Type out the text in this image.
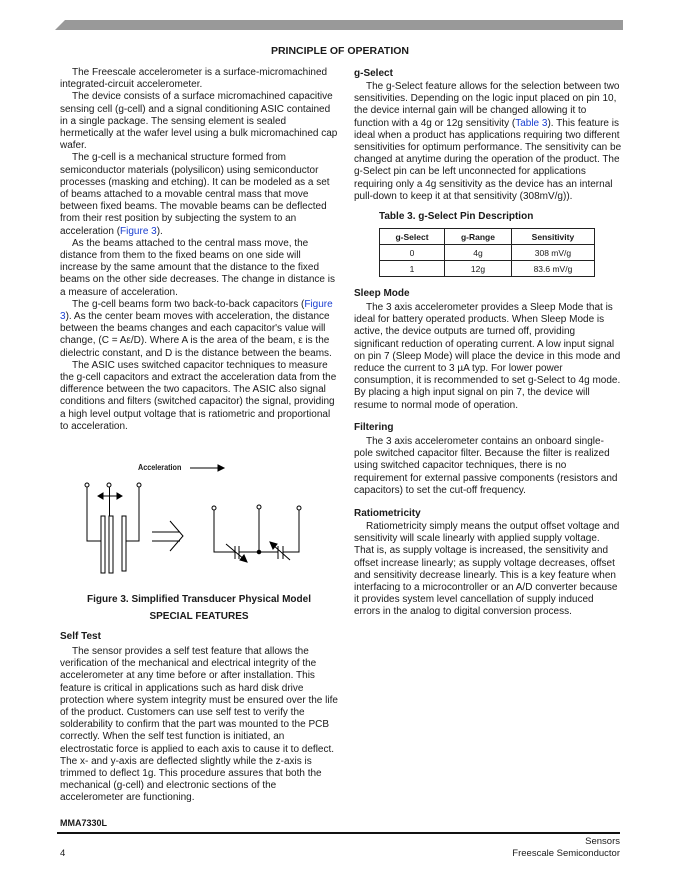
PRINCIPLE OF OPERATION

The Freescale accelerometer is a surface-micromachined integrated-circuit accelerometer.

The device consists of a surface micromachined capacitive sensing cell (g-cell) and a signal conditioning ASIC contained in a single package. The sensing element is sealed hermetically at the wafer level using a bulk micromachined cap wafer.

The g-cell is a mechanical structure formed from semiconductor materials (polysilicon) using semiconductor processes (masking and etching). It can be modeled as a set of beams attached to a movable central mass that move between fixed beams. The movable beams can be deflected from their rest position by subjecting the system to an acceleration (Figure 3).

As the beams attached to the central mass move, the distance from them to the fixed beams on one side will increase by the same amount that the distance to the fixed beams on the other side decreases. The change in distance is a measure of acceleration.

The g-cell beams form two back-to-back capacitors (Figure 3). As the center beam moves with acceleration, the distance between the beams changes and each capacitor's value will change, (C = Aε/D). Where A is the area of the beam, ε is the dielectric constant, and D is the distance between the beams.

The ASIC uses switched capacitor techniques to measure the g-cell capacitors and extract the acceleration data from the difference between the two capacitors. The ASIC also signal conditions and filters (switched capacitor) the signal, providing a high level output voltage that is ratiometric and proportional to acceleration.

Acceleration
Figure 3. Simplified Transducer Physical Model
SPECIAL FEATURES
Self Test

The sensor provides a self test feature that allows the verification of the mechanical and electrical integrity of the accelerometer at any time before or after installation. This feature is critical in applications such as hard disk drive protection where system integrity must be ensured over the life of the product. Customers can use self test to verify the solderability to confirm that the part was mounted to the PCB correctly. When the self test function is initiated, an electrostatic force is applied to each axis to cause it to deflect. The x- and y-axis are deflected slightly while the z-axis is trimmed to deflect 1g. This procedure assures that both the mechanical (g-cell) and electronic sections of the accelerometer are functioning.

g-Select

The g-Select feature allows for the selection between two sensitivities. Depending on the logic input placed on pin 10, the device internal gain will be changed allowing it to function with a 4g or 12g sensitivity (Table 3). This feature is ideal when a product has applications requiring two different sensitivities for optimum performance. The sensitivity can be changed at anytime during the operation of the product. The g-Select pin can be left unconnected for applications requiring only a 4g sensitivity as the device has an internal pull-down to keep it at that sensitivity (308mV/g)).

Table 3. g-Select Pin Description
g-Select	g-Range	Sensitivity
0	4g	308 mV/g
1	12g	83.6 mV/g
Sleep Mode

The 3 axis accelerometer provides a Sleep Mode that is ideal for battery operated products. When Sleep Mode is active, the device outputs are turned off, providing significant reduction of operating current. A low input signal on pin 7 (Sleep Mode) will place the device in this mode and reduce the current to 3 µA typ. For lower power consumption, it is recommended to set g-Select to 4g mode. By placing a high input signal on pin 7, the device will resume to normal mode of operation.

Filtering

The 3 axis accelerometer contains an onboard single-pole switched capacitor filter. Because the filter is realized using switched capacitor techniques, there is no requirement for external passive components (resistors and capacitors) to set the cut-off frequency.

Ratiometricity

Ratiometricity simply means the output offset voltage and sensitivity will scale linearly with applied supply voltage. That is, as supply voltage is increased, the sensitivity and offset increase linearly; as supply voltage decreases, offset and sensitivity decrease linearly. This is a key feature when interfacing to a microcontroller or an A/D converter because it provides system level cancellation of supply induced errors in the analog to digital conversion process.

MMA7330L
Sensors
4	Freescale Semiconductor
